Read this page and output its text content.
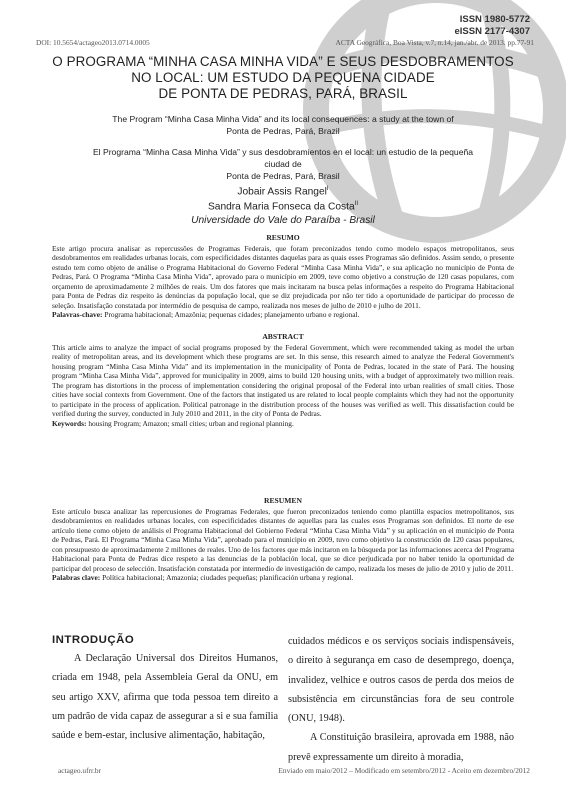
ISSN 1980-5772
eISSN 2177-4307
DOI: 10.5654/actageo2013.0714.0005	ACTA Geográfica, Boa Vista, v.7, n.14, jan./abr. de 2013. pp.77-91
O PROGRAMA “MINHA CASA MINHA VIDA” E SEUS DESDOBRAMENTOS
NO LOCAL: UM ESTUDO DA PEQUENA CIDADE
DE PONTA DE PEDRAS, PARÁ, BRASIL
The Program “Minha Casa Minha Vida” and its local consequences: a study at the town of
Ponta de Pedras, Pará, Brazil
El Programa “Minha Casa Minha Vida” y sus desdobramientos en el local: un estudio de la pequeña ciudad de
Ponta de Pedras, Pará, Brasil
Jobair Assis Rangel$^I$
Sandra Maria Fonseca da Costa$^{II}$
Universidade do Vale do Paraíba - Brasil
RESUMO
Este artigo procura analisar as repercussões de Programas Federais, que foram preconizados tendo como modelo espaços metropolitanos, seus desdobramentos em realidades urbanas locais, com especificidades distantes daquelas para as quais esses Programas são definidos. Assim sendo, o presente estudo tem como objeto de análise o Programa Habitacional do Governo Federal “Minha Casa Minha Vida”, e sua aplicação no município de Ponta de Pedras, Pará. O Programa “Minha Casa Minha Vida”, aprovado para o município em 2009, teve como objetivo a construção de 120 casas populares, com orçamento de aproximadamente 2 milhões de reais. Um dos fatores que mais incitaram na busca pelas informações a respeito do Programa Habitacional para Ponta de Pedras diz respeito às denúncias da população local, que se diz prejudicada por não ter tido a oportunidade de participar do processo de seleção. Insatisfação constatada por intermédio de pesquisa de campo, realizada nos meses de julho de 2010 e julho de 2011.
Palavras-chave: Programa habitacional; Amazônia; pequenas cidades; planejamento urbano e regional.
ABSTRACT
This article aims to analyze the impact of social programs proposed by the Federal Government, which were recommended taking as model the urban reality of metropolitan areas, and its development which these programs are set. In this sense, this research aimed to analyze the Federal Government's housing program “Minha Casa Minha Vida” and its implementation in the municipality of Ponta de Pedras, located in the state of Pará. The housing program “Minha Casa Minha Vida”, approved for municipality in 2009, aims to build 120 housing units, with a budget of approximately two million reais. The program has distortions in the process of implementation considering the original proposal of the Federal into urban realities of small cities. Those cities have social contexts from Government. One of the factors that instigated us are related to local people complaints which they had not the opportunity to participate in the process of application. Political patronage in the distribution process of the houses was verified as well. This dissatisfaction could be verified during the survey, conducted in July 2010 and 2011, in the city of Ponta de Pedras.
Keywords: housing Program; Amazon; small cities; urban and regional planning.
RESUMEN
Este artículo busca analizar las repercusiones de Programas Federales, que fueron preconizados teniendo como plantilla espacios metropolitanos, sus desdobramientos en realidades urbanas locales, con especificidades distantes de aquellas para las cuales esos Programas son definidos. El norte de ese artículo tiene como objeto de análisis el Programa Habitacional del Gobierno Federal “Minha Casa Minha Vida” y su aplicación en el municipio de Ponta de Pedras, Pará. El Programa “Minha Casa Minha Vida”, aprobado para el municipio en 2009, tuvo como objetivo la construcción de 120 casas populares, con presupuesto de aproximadamente 2 millones de reales. Uno de los factores que más incitaron en la búsqueda por las informaciones acerca del Programa Habitacional para Ponta de Pedras dice respeto a las denuncias de la población local, que se dice perjudicada por no haber tenido la oportunidad de participar del proceso de selección. Insatisfación constatada por intermedio de investigación de campo, realizada los meses de julio de 2010 y julio de 2011.
Palabras clave: Política habitacional; Amazonia; ciudades pequeñas; planificación urbana y regional.
INTRODUÇÃO

A Declaração Universal dos Direitos Humanos, criada em 1948, pela Assembleia Geral da ONU, em seu artigo XXV, afirma que toda pessoa tem direito a um padrão de vida capaz de assegurar a si e sua família saúde e bem-estar, inclusive alimentação, habitação,

cuidados médicos e os serviços sociais indispensáveis, o direito à segurança em caso de desemprego, doença, invalidez, velhice e outros casos de perda dos meios de subsistência em circunstâncias fora de seu controle (ONU, 1948).

A Constituição brasileira, aprovada em 1988, não prevê expressamente um direito à moradia,

actageo.ufrr.br	Enviado em maio/2012 – Modificado em setembro/2012 - Aceito em dezembro/2012
